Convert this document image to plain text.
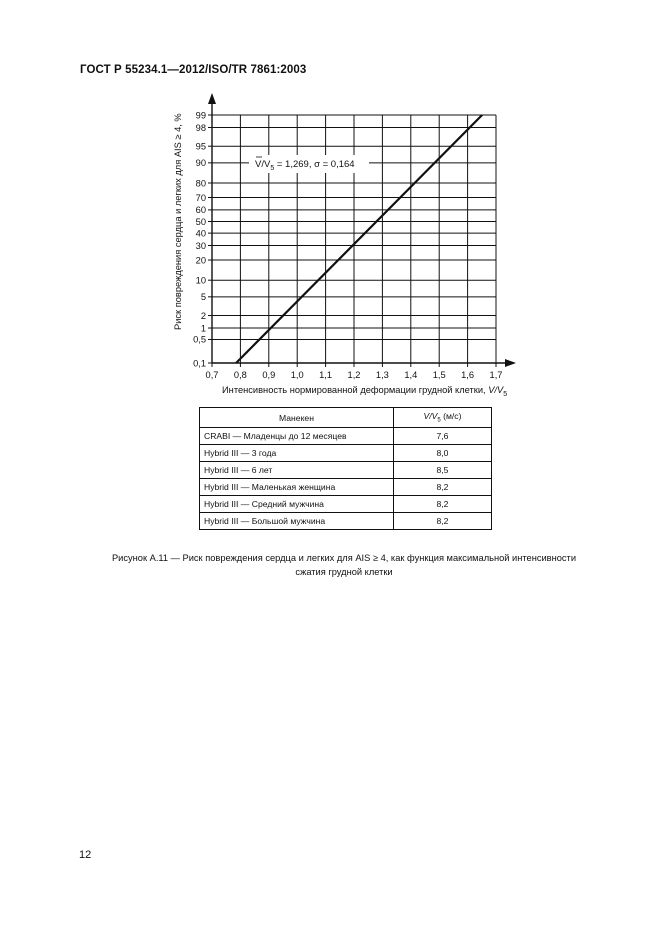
ГОСТ Р 55234.1—2012/ISO/TR 7861:2003
$V/V_5 = 1,269$, σ = 0,164
0,7 0,8 0,9 1,0 1,1 1,2 1,3 1,4 1,5 1,6 1,7
0,1
0,5
1
2
5
10
20
30
40
50
60
70
80
90
95
98
99
Интенсивность нормированной деформации грудной клетки, $V/V_5$
Риск повреждения сердца и легких для AIS ≥ 4, %
Манекен	$V/V_5$ (м/с)
CRABI — Младенцы до 12 месяцев	7,6
Hybrid III — 3 года	8,0
Hybrid III — 6 лет	8,5
Hybrid III — Маленькая женщина	8,2
Hybrid III — Средний мужчина	8,2
Hybrid III — Большой мужчина	8,2
Рисунок А.11 — Риск повреждения сердца и легких для AIS ≥ 4, как функция максимальной интенсивности
сжатия грудной клетки
12
